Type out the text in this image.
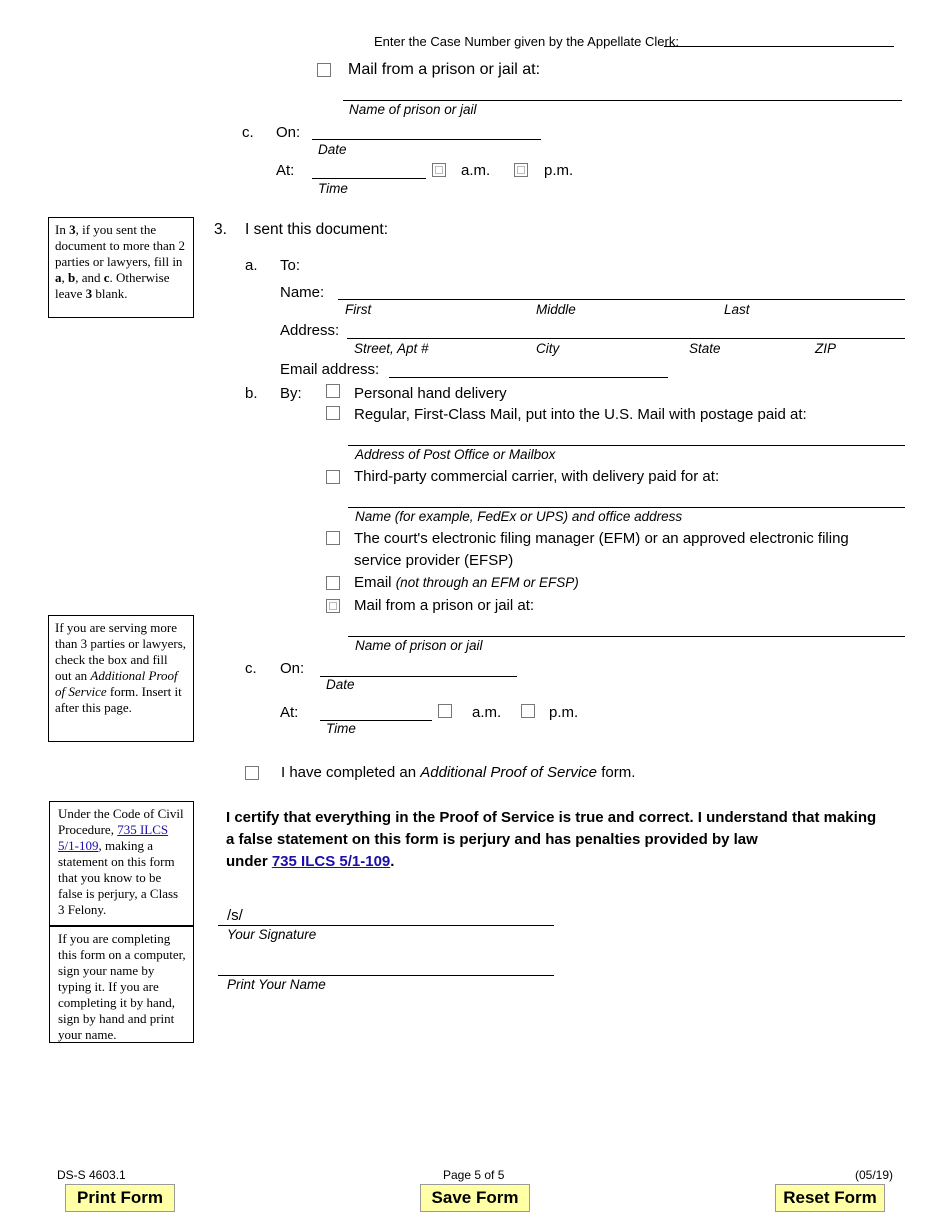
Enter the Case Number given by the Appellate Clerk:
Mail from a prison or jail at:
Name of prison or jail
c. On:
Date
At:	a.m.	p.m.
Time
In 3, if you sent the document to more than 2 parties or lawyers, fill in a, b, and c. Otherwise leave 3 blank.
3. I sent this document:
a. To:
Name:
First	Middle	Last
Address:
Street, Apt #	City	State	ZIP
Email address:
b. By:	Personal hand delivery
Regular, First-Class Mail, put into the U.S. Mail with postage paid at:
Address of Post Office or Mailbox
Third-party commercial carrier, with delivery paid for at:
Name (for example, FedEx or UPS) and office address
The court's electronic filing manager (EFM) or an approved electronic filing
service provider (EFSP)
Email (not through an EFM or EFSP)
Mail from a prison or jail at:
Name of prison or jail
If you are serving more than 3 parties or lawyers, check the box and fill out an Additional Proof of Service form. Insert it after this page.
c. On:
Date
At:	a.m.	p.m.
Time
I have completed an Additional Proof of Service form.
Under the Code of Civil Procedure, 735 ILCS 5/1-109, making a statement on this form that you know to be false is perjury, a Class 3 Felony.
If you are completing this form on a computer, sign your name by typing it. If you are completing it by hand, sign by hand and print your name.
I certify that everything in the Proof of Service is true and correct. I understand that making
a false statement on this form is perjury and has penalties provided by law
under 735 ILCS 5/1-109.
/s/
Your Signature
Print Your Name
DS-S 4603.1	Page 5 of 5	(05/19)
Print Form	Save Form	Reset Form
